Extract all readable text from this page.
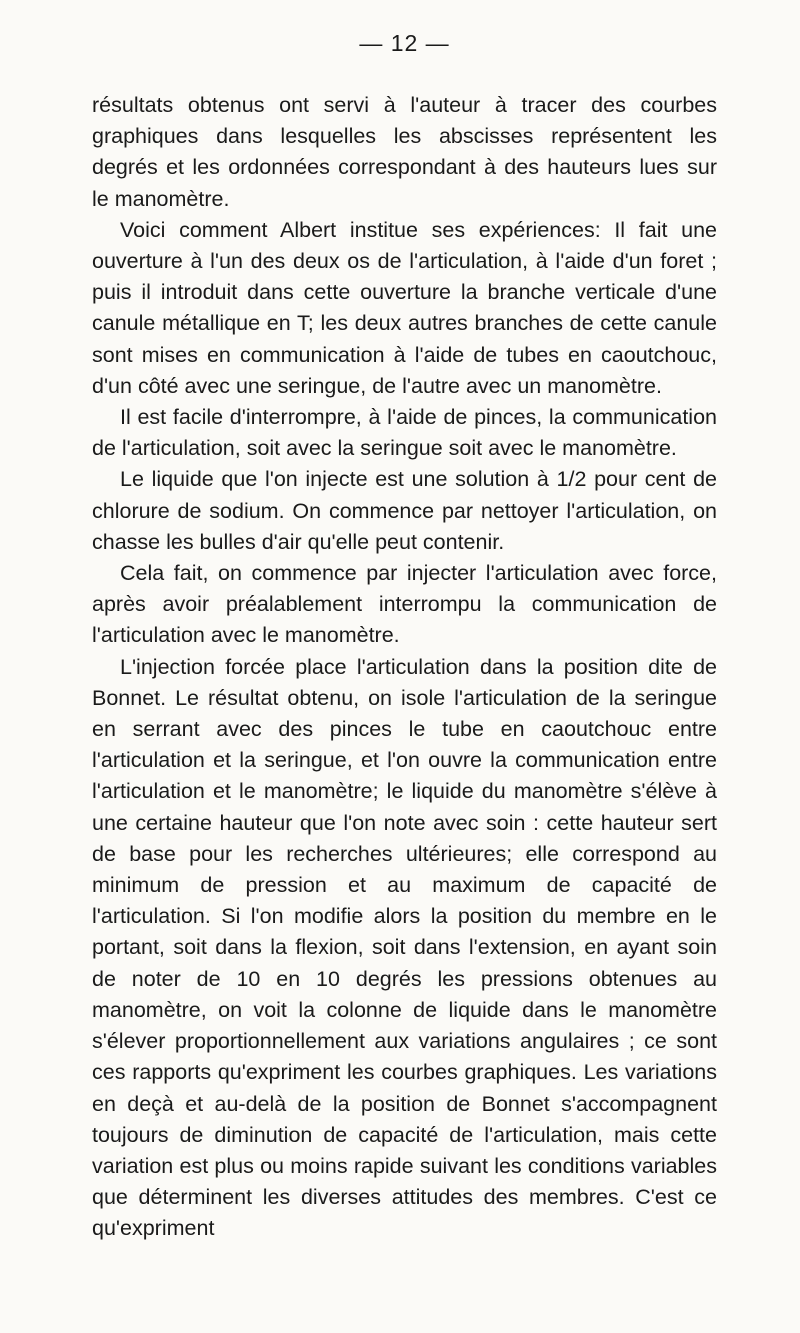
— 12 —

résultats obtenus ont servi à l'auteur à tracer des courbes graphiques dans lesquelles les abscisses représentent les degrés et les ordonnées correspondant à des hauteurs lues sur le manomètre.

Voici comment Albert institue ses expériences: Il fait une ouverture à l'un des deux os de l'articulation, à l'aide d'un foret ; puis il introduit dans cette ouverture la branche verticale d'une canule métallique en T; les deux autres branches de cette canule sont mises en communication à l'aide de tubes en caoutchouc, d'un côté avec une seringue, de l'autre avec un manomètre.

Il est facile d'interrompre, à l'aide de pinces, la communication de l'articulation, soit avec la seringue soit avec le manomètre.

Le liquide que l'on injecte est une solution à 1/2 pour cent de chlorure de sodium. On commence par nettoyer l'articulation, on chasse les bulles d'air qu'elle peut contenir.

Cela fait, on commence par injecter l'articulation avec force, après avoir préalablement interrompu la communication de l'articulation avec le manomètre.

L'injection forcée place l'articulation dans la position dite de Bonnet. Le résultat obtenu, on isole l'articulation de la seringue en serrant avec des pinces le tube en caoutchouc entre l'articulation et la seringue, et l'on ouvre la communication entre l'articulation et le manomètre; le liquide du manomètre s'élève à une certaine hauteur que l'on note avec soin : cette hauteur sert de base pour les recherches ultérieures; elle correspond au minimum de pression et au maximum de capacité de l'articulation. Si l'on modifie alors la position du membre en le portant, soit dans la flexion, soit dans l'extension, en ayant soin de noter de 10 en 10 degrés les pressions obtenues au manomètre, on voit la colonne de liquide dans le manomètre s'élever proportionnellement aux variations angulaires ; ce sont ces rapports qu'expriment les courbes graphiques. Les variations en deçà et au-delà de la position de Bonnet s'accompagnent toujours de diminution de capacité de l'articulation, mais cette variation est plus ou moins rapide suivant les conditions variables que déterminent les diverses attitudes des membres. C'est ce qu'expriment
